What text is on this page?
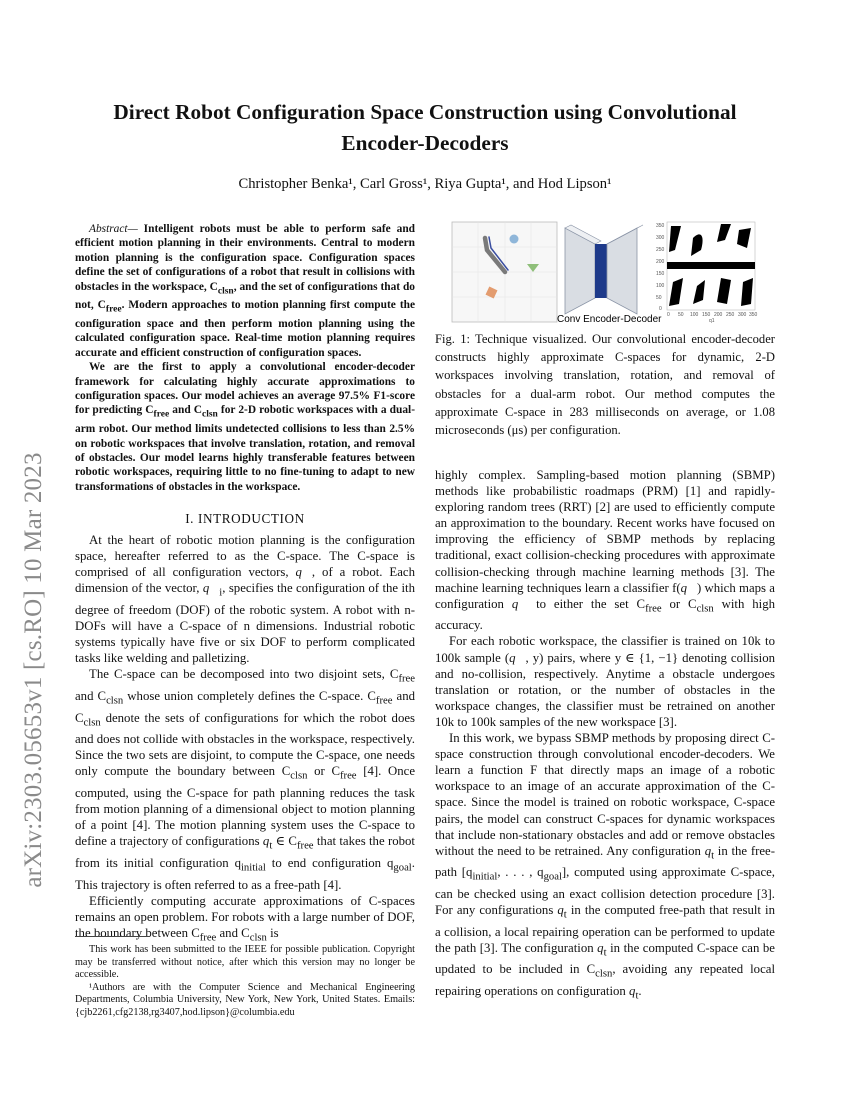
arXiv:2303.05653v1 [cs.RO] 10 Mar 2023
Direct Robot Configuration Space Construction using Convolutional
Encoder-Decoders
Christopher Benka¹, Carl Gross¹, Riya Gupta¹, and Hod Lipson¹

Abstract— Intelligent robots must be able to perform safe and efficient motion planning in their environments. Central to modern motion planning is the configuration space. Configuration spaces define the set of configurations of a robot that result in collisions with obstacles in the workspace, $C_{clsn}$, and the set of configurations that do not, $C_{free}$. Modern approaches to motion planning first compute the configuration space and then perform motion planning using the calculated configuration space. Real-time motion planning requires accurate and efficient construction of configuration spaces.

We are the first to apply a convolutional encoder-decoder framework for calculating highly accurate approximations to configuration spaces. Our model achieves an average 97.5% F1-score for predicting $C_{free}$ and $C_{clsn}$ for 2-D robotic workspaces with a dual-arm robot. Our method limits undetected collisions to less than 2.5% on robotic workspaces that involve translation, rotation, and removal of obstacles. Our model learns highly transferable features between robotic workspaces, requiring little to no fine-tuning to adapt to new transformations of obstacles in the workspace.

I. INTRODUCTION

At the heart of robotic motion planning is the configuration space, hereafter referred to as the C-space. The C-space is comprised of all configuration vectors, q⃗, of a robot. Each dimension of the vector, $q⃗_i$, specifies the configuration of the ith degree of freedom (DOF) of the robotic system. A robot with n-DOFs will have a C-space of n dimensions. Industrial robotic systems typically have five or six DOF to perform complicated tasks like welding and palletizing.

The C-space can be decomposed into two disjoint sets, $C_{free}$ and $C_{clsn}$ whose union completely defines the C-space. $C_{free}$ and $C_{clsn}$ denote the sets of configurations for which the robot does and does not collide with obstacles in the workspace, respectively. Since the two sets are disjoint, to compute the C-space, one needs only compute the boundary between $C_{clsn}$ or $C_{free}$ [4]. Once computed, using the C-space for path planning reduces the task from motion planning of a dimensional object to motion planning of a point [4]. The motion planning system uses the C-space to define a trajectory of configurations $q_t$ ∈ $C_{free}$ that takes the robot from its initial configuration $q_{initial}$ to end configuration $q_{goal}$. This trajectory is often referred to as a free-path [4].

Efficiently computing accurate approximations of C-spaces remains an open problem. For robots with a large number of DOF, the boundary between $C_{free}$ and $C_{clsn}$ is

This work has been submitted to the IEEE for possible publication. Copyright may be transferred without notice, after which this version may no longer be accessible.

¹Authors are with the Computer Science and Mechanical Engineering Departments, Columbia University, New York, New York, United States. Emails: {cjb2261,cfg2138,rg3407,hod.lipson}@columbia.edu

350
300
250
200
150
100
50
0
0 50 100 150 200 250 300 350
q1
Conv Encoder-Decoder
Fig. 1: Technique visualized. Our convolutional encoder-decoder constructs highly approximate C-spaces for dynamic, 2-D workspaces involving translation, rotation, and removal of obstacles for a dual-arm robot. Our method computes the approximate C-space in 283 milliseconds on average, or 1.08 microseconds (μs) per configuration.

highly complex. Sampling-based motion planning (SBMP) methods like probabilistic roadmaps (PRM) [1] and rapidly-exploring random trees (RRT) [2] are used to efficiently compute an approximation to the boundary. Recent works have focused on improving the efficiency of SBMP methods by replacing traditional, exact collision-checking procedures with approximate collision-checking through machine learning methods [3]. The machine learning techniques learn a classifier f(q⃗) which maps a configuration q⃗ to either the set $C_{free}$ or $C_{clsn}$ with high accuracy.

For each robotic workspace, the classifier is trained on 10k to 100k sample (q⃗, y) pairs, where y ∈ {1, −1} denoting collision and no-collision, respectively. Anytime a obstacle undergoes translation or rotation, or the number of obstacles in the workspace changes, the classifier must be retrained on another 10k to 100k samples of the new workspace [3].

In this work, we bypass SBMP methods by proposing direct C-space construction through convolutional encoder-decoders. We learn a function F that directly maps an image of a robotic workspace to an image of an accurate approximation of the C-space. Since the model is trained on robotic workspace, C-space pairs, the model can construct C-spaces for dynamic workspaces that include non-stationary obstacles and add or remove obstacles without the need to be retrained. Any configuration $q_t$ in the free-path [$q_{initial}$, . . . , $q_{goal}$], computed using approximate C-space, can be checked using an exact collision detection procedure [3]. For any configurations $q_t$ in the computed free-path that result in a collision, a local repairing operation can be performed to update the path [3]. The configuration $q_t$ in the computed C-space can be updated to be included in $C_{clsn}$, avoiding any repeated local repairing operations on configuration $q_t$.
